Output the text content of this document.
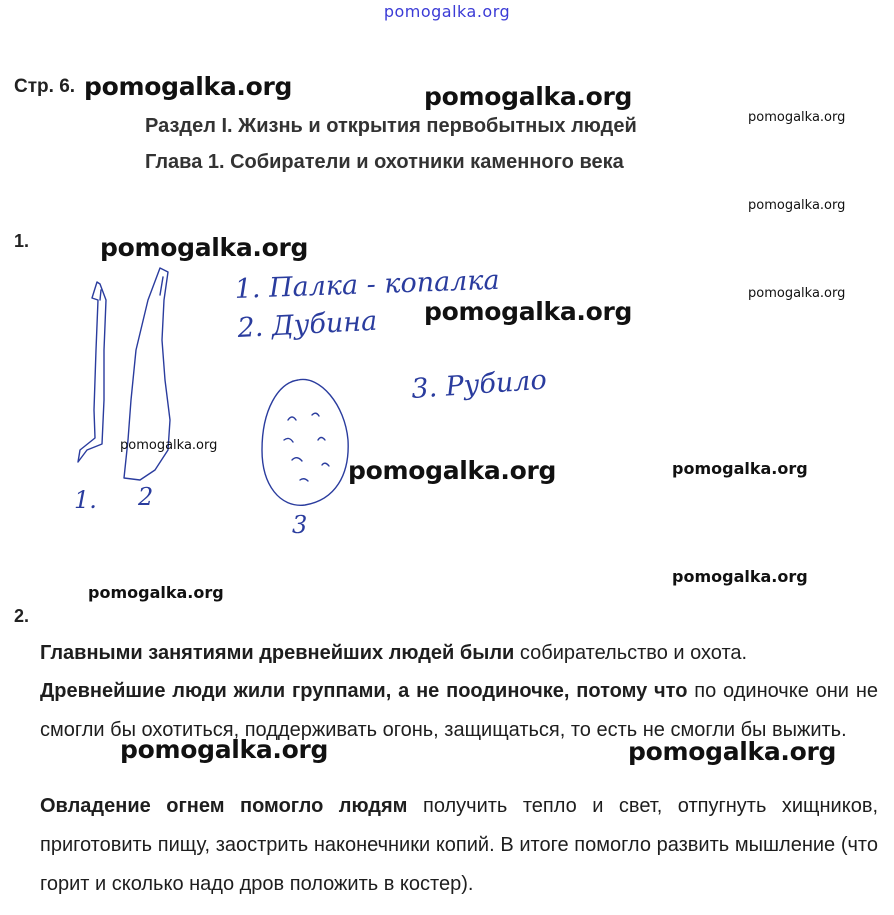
pomogalka.org
Стр. 6.
Раздел I. Жизнь и открытия первобытных людей
Глава 1. Собиратели и охотники каменного века
1.
1. Палка - копалка
2. Дубина
3. Рубило
1. 2
3
2.

Главными занятиями древнейших людей были собирательство и охота.

Древнейшие люди жили группами, а не поодиночке, потому что по одиночке они не смогли бы охотиться, поддерживать огонь, защищаться, то есть не смогли бы выжить.

Овладение огнем помогло людям получить тепло и свет, отпугнуть хищников, приготовить пищу, заострить наконечники копий. В итоге помогло развить мышление (что горит и сколько надо дров положить в костер).

pomogalka.org	pomogalka.org
pomogalka.org
pomogalka.org
pomogalka.org
pomogalka.org
pomogalka.org
pomogalka.org
pomogalka.org	pomogalka.org
pomogalka.org
pomogalka.org
pomogalka.org	pomogalka.org
